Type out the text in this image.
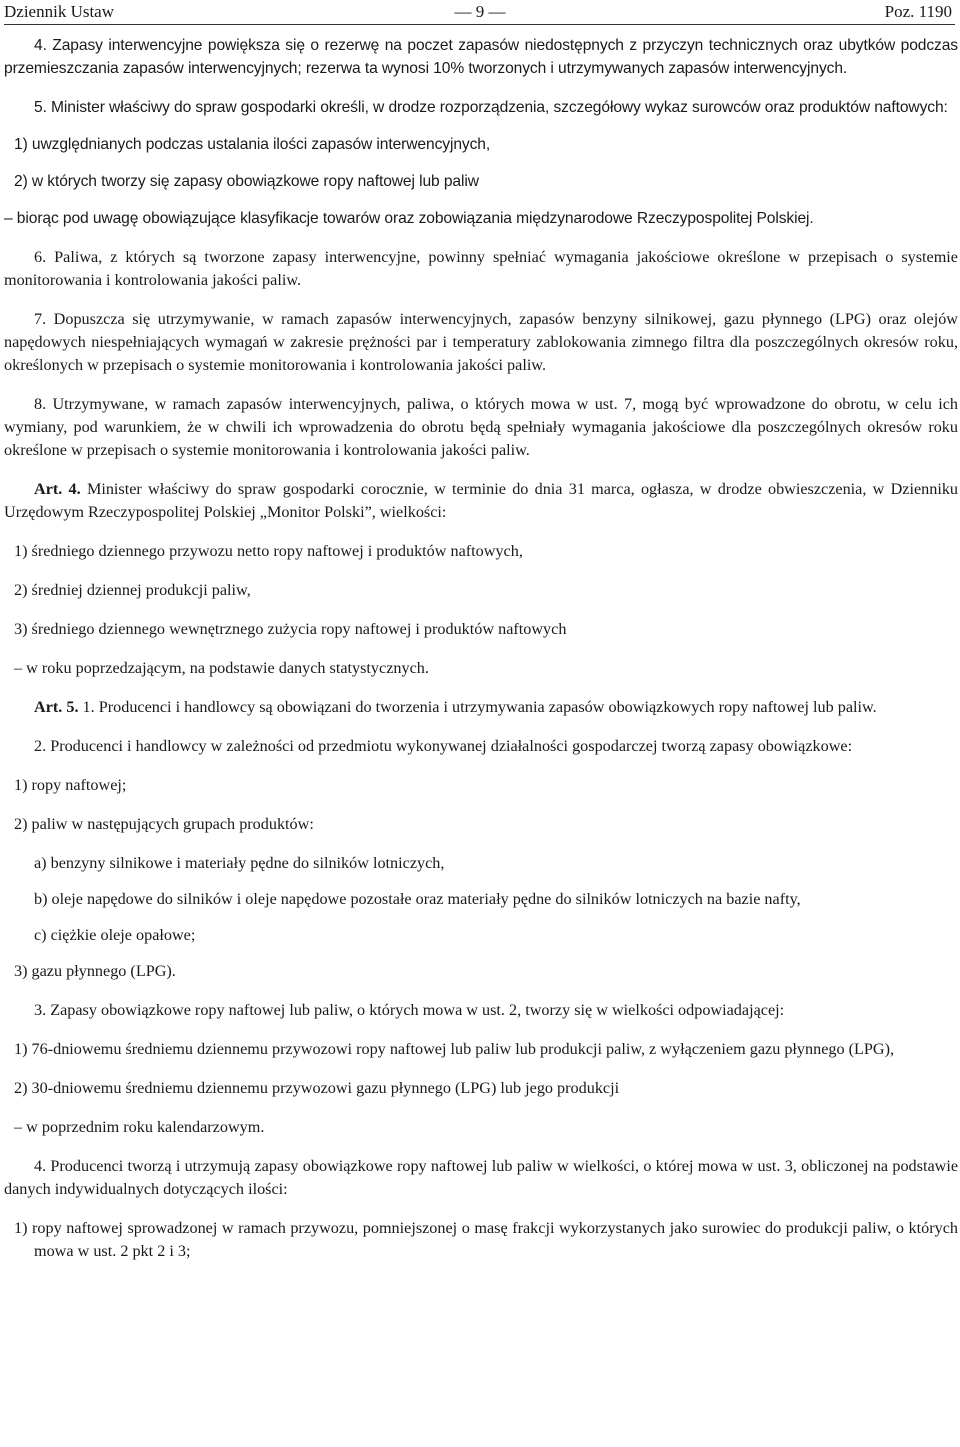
Dziennik Ustaw	— 9 —	Poz. 1190

4. Zapasy interwencyjne powiększa się o rezerwę na poczet zapasów niedostępnych z przyczyn technicznych oraz ubytków podczas przemieszczania zapasów interwencyjnych; rezerwa ta wynosi 10% tworzonych i utrzymywanych zapasów interwencyjnych.

5. Minister właściwy do spraw gospodarki określi, w drodze rozporządzenia, szczegółowy wykaz surowców oraz produktów naftowych:

1) uwzględnianych podczas ustalania ilości zapasów interwencyjnych,

2) w których tworzy się zapasy obowiązkowe ropy naftowej lub paliw

– biorąc pod uwagę obowiązujące klasyfikacje towarów oraz zobowiązania międzynarodowe Rzeczypospolitej Polskiej.

6. Paliwa, z których są tworzone zapasy interwencyjne, powinny spełniać wymagania jakościowe określone w przepisach o systemie monitorowania i kontrolowania jakości paliw.

7. Dopuszcza się utrzymywanie, w ramach zapasów interwencyjnych, zapasów benzyny silnikowej, gazu płynnego (LPG) oraz olejów napędowych niespełniających wymagań w zakresie prężności par i temperatury zablokowania zimnego filtra dla poszczególnych okresów roku, określonych w przepisach o systemie monitorowania i kontrolowania jakości paliw.

8. Utrzymywane, w ramach zapasów interwencyjnych, paliwa, o których mowa w ust. 7, mogą być wprowadzone do obrotu, w celu ich wymiany, pod warunkiem, że w chwili ich wprowadzenia do obrotu będą spełniały wymagania jakościowe dla poszczególnych okresów roku określone w przepisach o systemie monitorowania i kontrolowania jakości paliw.

Art. 4. Minister właściwy do spraw gospodarki corocznie, w terminie do dnia 31 marca, ogłasza, w drodze obwieszczenia, w Dzienniku Urzędowym Rzeczypospolitej Polskiej „Monitor Polski”, wielkości:

1) średniego dziennego przywozu netto ropy naftowej i produktów naftowych,

2) średniej dziennej produkcji paliw,

3) średniego dziennego wewnętrznego zużycia ropy naftowej i produktów naftowych

– w roku poprzedzającym, na podstawie danych statystycznych.

Art. 5. 1. Producenci i handlowcy są obowiązani do tworzenia i utrzymywania zapasów obowiązkowych ropy naftowej lub paliw.

2. Producenci i handlowcy w zależności od przedmiotu wykonywanej działalności gospodarczej tworzą zapasy obowiązkowe:

1) ropy naftowej;

2) paliw w następujących grupach produktów:

a) benzyny silnikowe i materiały pędne do silników lotniczych,

b) oleje napędowe do silników i oleje napędowe pozostałe oraz materiały pędne do silników lotniczych na bazie nafty,

c) ciężkie oleje opałowe;

3) gazu płynnego (LPG).

3. Zapasy obowiązkowe ropy naftowej lub paliw, o których mowa w ust. 2, tworzy się w wielkości odpowiadającej:

1) 76-dniowemu średniemu dziennemu przywozowi ropy naftowej lub paliw lub produkcji paliw, z wyłączeniem gazu płynnego (LPG),

2) 30-dniowemu średniemu dziennemu przywozowi gazu płynnego (LPG) lub jego produkcji

– w poprzednim roku kalendarzowym.

4. Producenci tworzą i utrzymują zapasy obowiązkowe ropy naftowej lub paliw w wielkości, o której mowa w ust. 3, obliczonej na podstawie danych indywidualnych dotyczących ilości:

1) ropy naftowej sprowadzonej w ramach przywozu, pomniejszonej o masę frakcji wykorzystanych jako surowiec do produkcji paliw, o których mowa w ust. 2 pkt 2 i 3;
